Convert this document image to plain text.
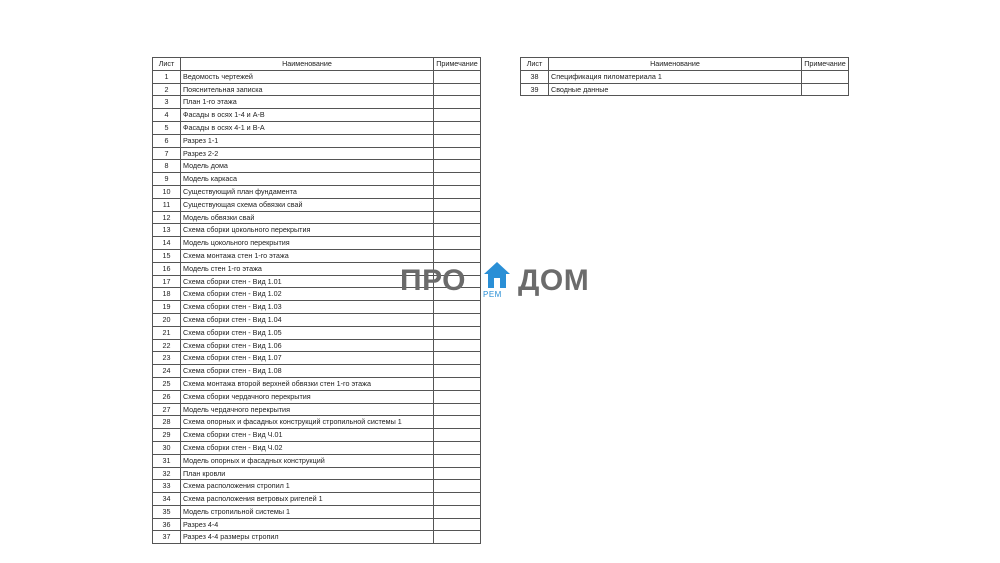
Лист	Наименование	Примечание
1	Ведомость чертежей	
2	Пояснительная записка	
3	План 1-го этажа	
4	Фасады в осях 1-4 и А-В	
5	Фасады в осях 4-1 и В-А	
6	Разрез 1-1	
7	Разрез 2-2	
8	Модель дома	
9	Модель каркаса	
10	Существующий план фундамента	
11	Существующая схема обвязки свай	
12	Модель обвязки свай	
13	Схема сборки цокольного перекрытия	
14	Модель цокольного перекрытия	
15	Схема монтажа стен 1-го этажа	
16	Модель стен 1-го этажа	
17	Схема сборки стен - Вид 1.01	
18	Схема сборки стен - Вид 1.02	
19	Схема сборки стен - Вид 1.03	
20	Схема сборки стен - Вид 1.04	
21	Схема сборки стен - Вид 1.05	
22	Схема сборки стен - Вид 1.06	
23	Схема сборки стен - Вид 1.07	
24	Схема сборки стен - Вид 1.08	
25	Схема монтажа второй верхней обвязки стен 1-го этажа	
26	Схема сборки чердачного перекрытия	
27	Модель чердачного перекрытия	
28	Схема опорных и фасадных конструкций стропильной системы 1	
29	Схема сборки стен - Вид Ч.01	
30	Схема сборки стен - Вид Ч.02	
31	Модель опорных и фасадных конструкций	
32	План кровли	
33	Схема расположения стропил 1	
34	Схема расположения ветровых ригелей 1	
35	Модель стропильной системы 1	
36	Разрез 4-4	
37	Разрез 4-4 размеры стропил	
Лист	Наименование	Примечание
38	Спецификация пиломатериала 1	
39	Сводные данные	
ПРО РЕМ ДОМ
